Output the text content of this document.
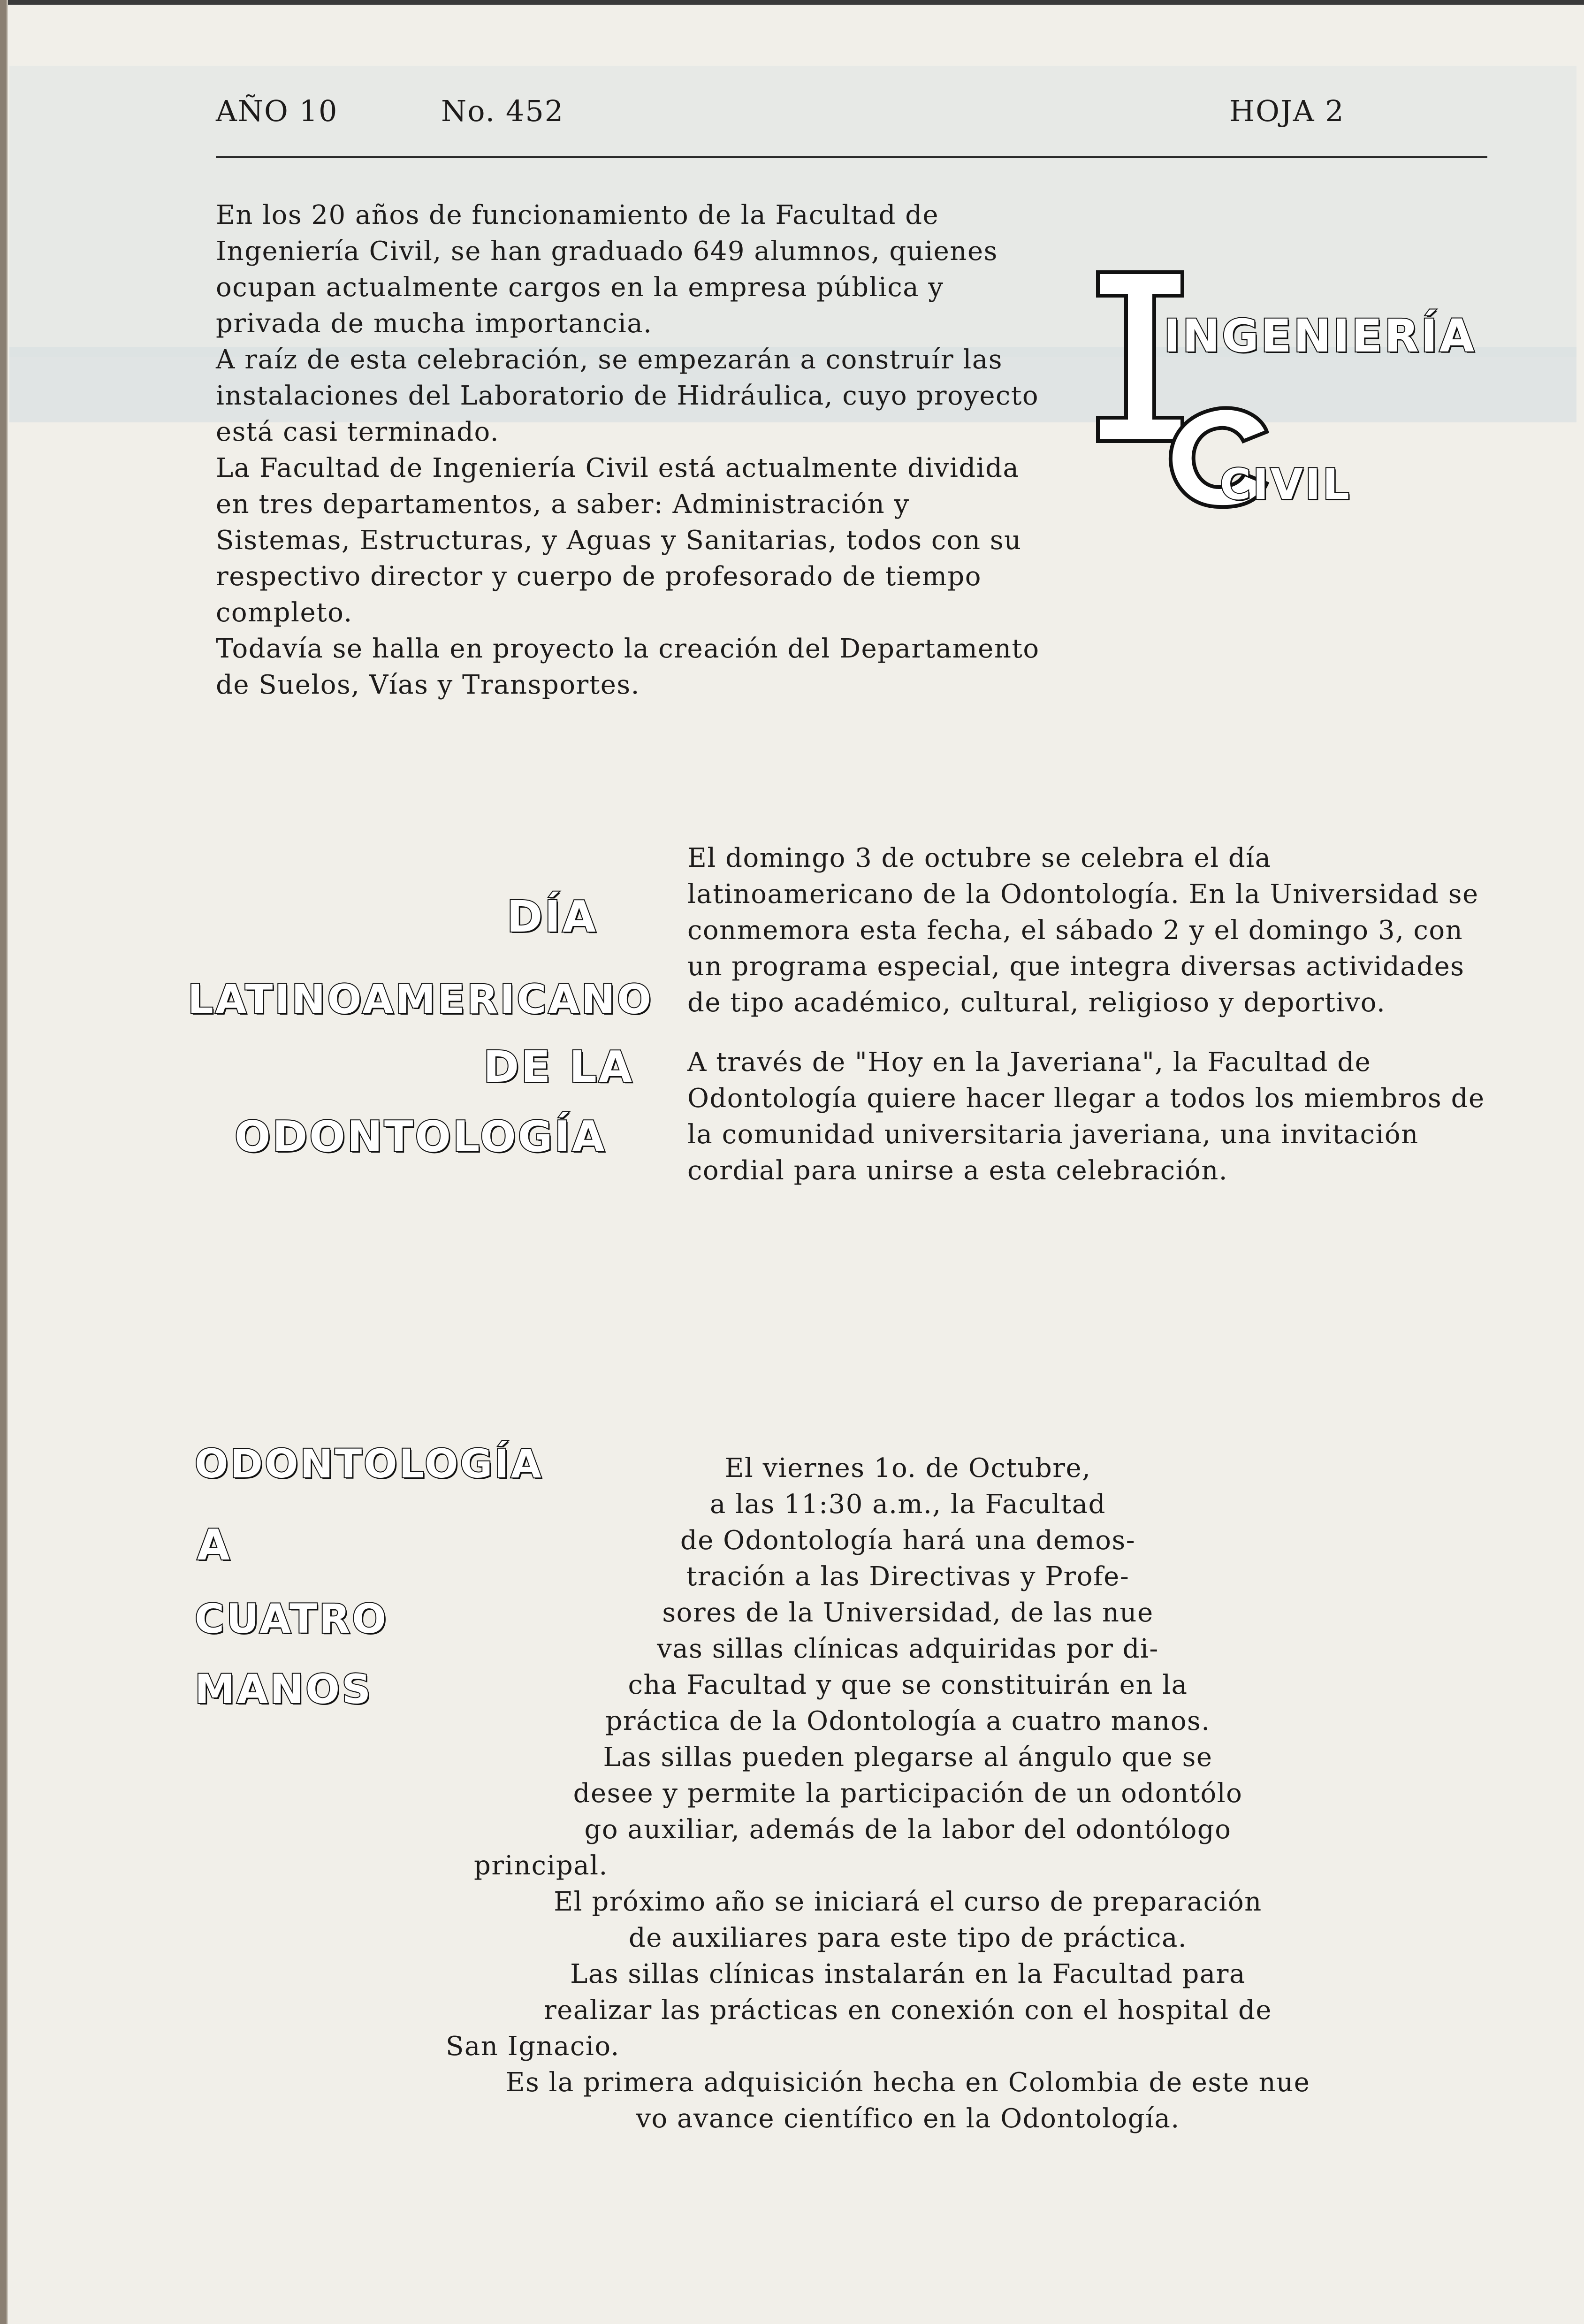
AÑO 10	No. 452	HOJA 2

En los 20 años de funcionamiento de la Facultad de Ingeniería Civil, se han graduado 649 alumnos, quienes ocupan actualmente cargos en la empresa pública y privada de mucha importancia.

A raíz de esta celebración, se empezarán a construír las instalaciones del Laboratorio de Hidráulica, cuyo proyecto está casi terminado.

La Facultad de Ingeniería Civil está actualmente dividida en tres departamentos, a saber: Administración y Sistemas, Estructuras, y Aguas y Sanitarias, todos con su respectivo director y cuerpo de profesorado de tiempo completo.

Todavía se halla en proyecto la creación del Departamento de Suelos, Vías y Transportes.

INGENIERÍA
CIVIL
DÍA
LATINOAMERICANO
DE LA
ODONTOLOGÍA

El domingo 3 de octubre se celebra el día latinoamericano de la Odontología. En la Universidad se conmemora esta fecha, el sábado 2 y el domingo 3, con un programa especial, que integra diversas actividades de tipo académico, cultural, religioso y deportivo.

A través de "Hoy en la Javeriana", la Facultad de Odontología quiere hacer llegar a todos los miembros de la comunidad universitaria javeriana, una invitación cordial para unirse a esta celebración.

ODONTOLOGÍA
A
CUATRO
MANOS
El viernes 1o. de Octubre,
a las 11:30 a.m., la Facultad
de Odontología hará una demos-
tración a las Directivas y Profe-
sores de la Universidad, de las nue
vas sillas clínicas adquiridas por di-
cha Facultad y que se constituirán en la
práctica de la Odontología a cuatro manos.
Las sillas pueden plegarse al ángulo que se
desee y permite la participación de un odontólo
go auxiliar, además de la labor del odontólogo
principal.
El próximo año se iniciará el curso de preparación
de auxiliares para este tipo de práctica.
Las sillas clínicas instalarán en la Facultad para
realizar las prácticas en conexión con el hospital de
San Ignacio.
Es la primera adquisición hecha en Colombia de este nue
vo avance científico en la Odontología.
